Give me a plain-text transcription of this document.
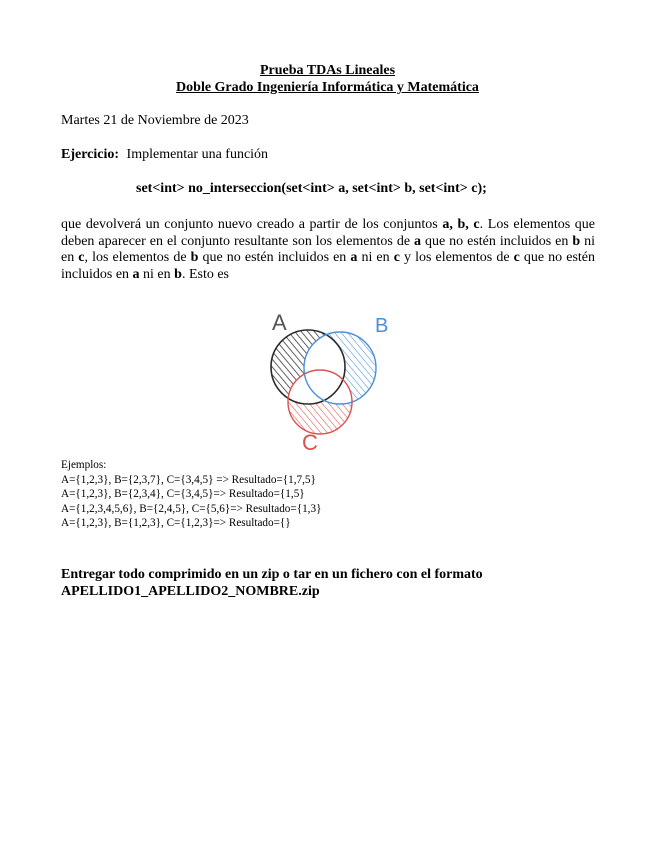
Prueba TDAs Lineales
Doble Grado Ingeniería Informática y Matemática
Martes 21 de Noviembre de 2023
Ejercicio: Implementar una función
set<int> no_interseccion(set<int> a, set<int> b, set<int> c);
que devolverá un conjunto nuevo creado a partir de los conjuntos a, b, c. Los elementos que deben aparecer en el conjunto resultante son los elementos de a que no estén incluidos en b ni en c, los elementos de b que no estén incluidos en a ni en c y los elementos de c que no estén incluidos en a ni en b. Esto es
A	B
C
Ejemplos:
A={1,2,3}, B={2,3,7}, C={3,4,5} => Resultado={1,7,5}
A={1,2,3}, B={2,3,4}, C={3,4,5}=> Resultado={1,5}
A={1,2,3,4,5,6}, B={2,4,5}, C={5,6}=> Resultado={1,3}
A={1,2,3}, B={1,2,3}, C={1,2,3}=> Resultado={}
Entregar todo comprimido en un zip o tar en un fichero con el formato
APELLIDO1_APELLIDO2_NOMBRE.zip
